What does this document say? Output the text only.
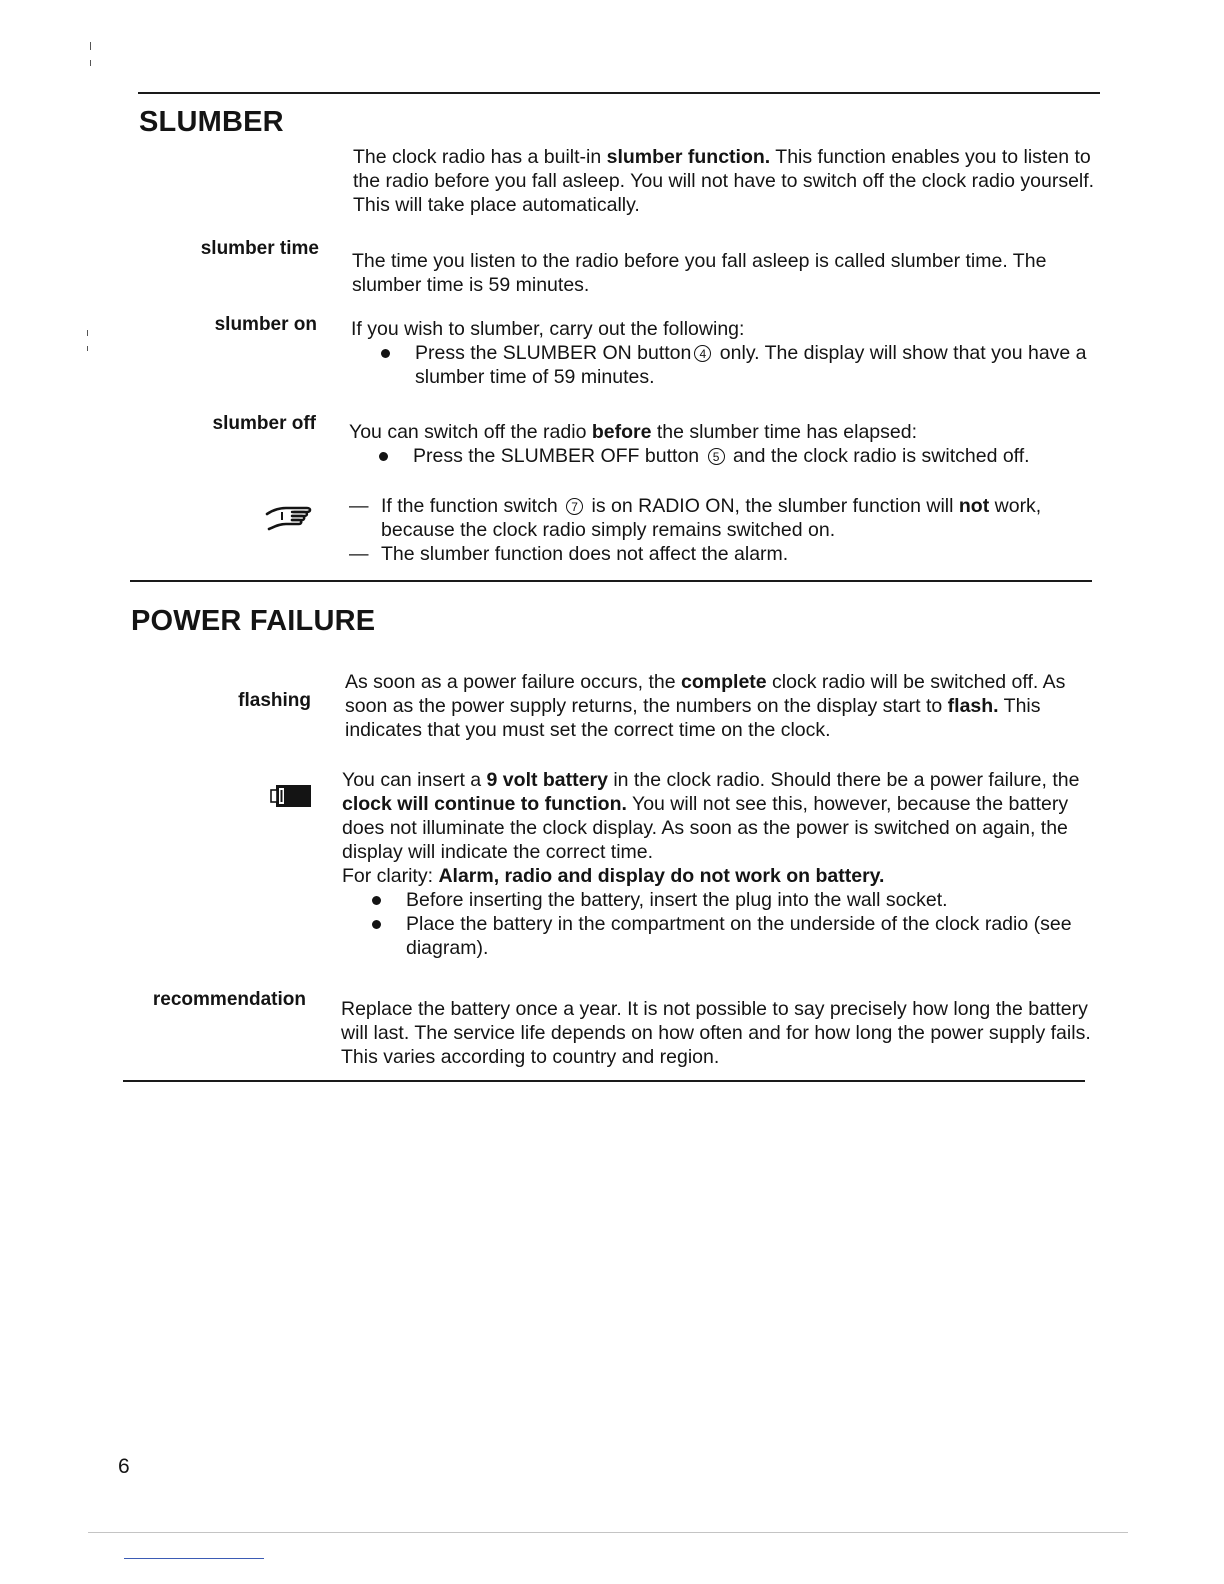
SLUMBER

The clock radio has a built-in slumber function. This function enables you to listen to the radio before you fall asleep. You will not have to switch off the clock radio yourself. This will take place automatically.

slumber time

The time you listen to the radio before you fall asleep is called slumber time. The slumber time is 59 minutes.

slumber on If you wish to slumber, carry out the following:
Press the SLUMBER ON button 4 only. The display will show that you have a slumber time of 59 minutes.
slumber off You can switch off the radio before the slumber time has elapsed:
Press the SLUMBER OFF button 5 and the clock radio is switched off.
— If the function switch 7 is on RADIO ON, the slumber function will not work, because the clock radio simply remains switched on.
— The slumber function does not affect the alarm.
POWER FAILURE
flashing

As soon as a power failure occurs, the complete clock radio will be switched off. As soon as the power supply returns, the numbers on the display start to flash. This indicates that you must set the correct time on the clock.

You can insert a 9 volt battery in the clock radio. Should there be a power failure, the clock will continue to function. You will not see this, however, because the battery does not illuminate the clock display. As soon as the power is switched on again, the display will indicate the correct time.
For clarity: Alarm, radio and display do not work on battery.
Before inserting the battery, insert the plug into the wall socket.
Place the battery in the compartment on the underside of the clock radio (see diagram).
recommendation Replace the battery once a year. It is not possible to say precisely how long the battery will last. The service life depends on how often and for how long the power supply fails. This varies according to country and region.

6
